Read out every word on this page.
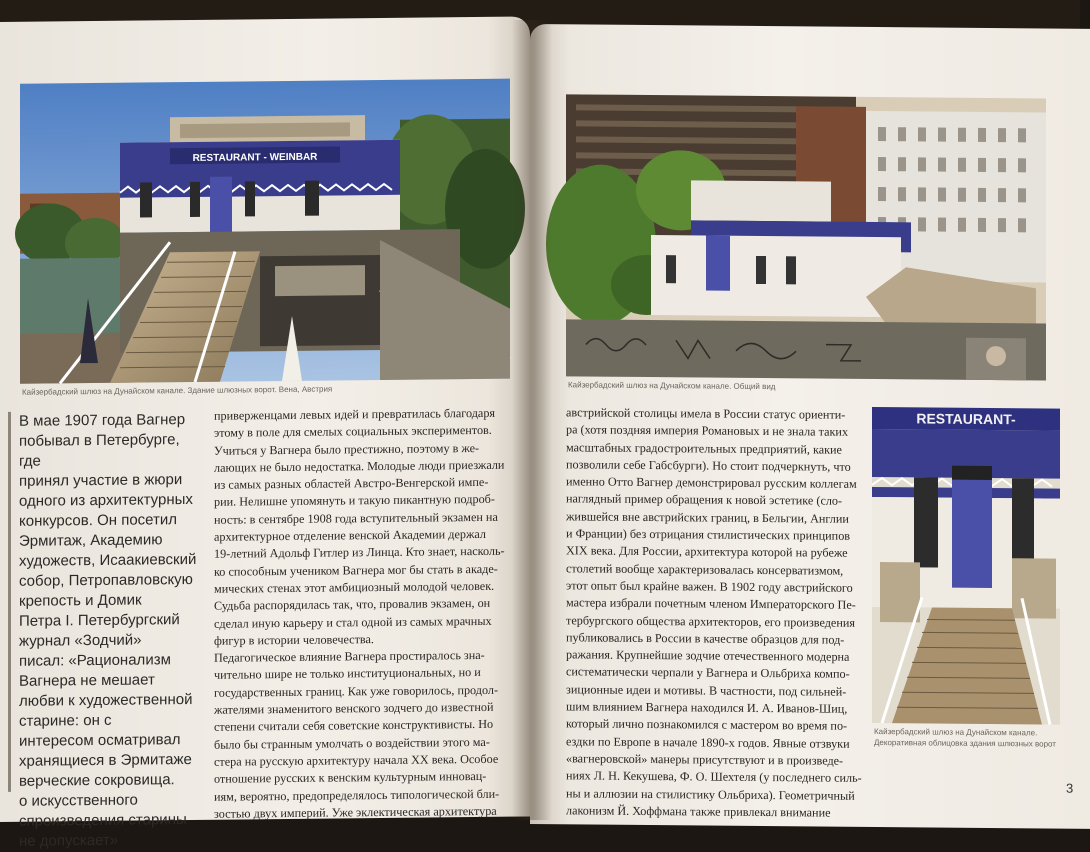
RESTAURANT - WEINBAR
Кайзербадский шлюз на Дунайском канале. Здание шлюзных ворот. Вена, Австрия

В мае 1907 года Вагнер
побывал в Петербурге, где
принял участие в жюри
одного из архитектурных
конкурсов. Он посетил
Эрмитаж, Академию
художеств, Исаакиевский
собор, Петропавловскую
крепость и Домик
Петра I. Петербургский
журнал «Зодчий»
писал: «Рационализм
Вагнера не мешает
любви к художественной
старине: он с
интересом осматривал
хранящиеся в Эрмитаже
верческие сокровища.
о искусственного
спроизведения старины
не допускает»

приверженцами левых идей и превратилась благодаря
этому в поле для смелых социальных экспериментов.
Учиться у Вагнера было престижно, поэтому в же-
лающих не было недостатка. Молодые люди приезжали
из самых разных областей Австро-Венгерской импе-
рии. Нелишне упомянуть и такую пикантную подроб-
ность: в сентябре 1908 года вступительный экзамен на
архитектурное отделение венской Академии держал
19-летний Адольф Гитлер из Линца. Кто знает, насколь-
ко способным учеником Вагнера мог бы стать в акаде-
мических стенах этот амбициозный молодой человек.
Судьба распорядилась так, что, провалив экзамен, он
сделал иную карьеру и стал одной из самых мрачных
фигур в истории человечества.
Педагогическое влияние Вагнера простиралось зна-
чительно шире не только институциональных, но и
государственных границ. Как уже говорилось, продол-
жателями знаменитого венского зодчего до известной
степени считали себя советские конструктивисты. Но
было бы странным умолчать о воздействии этого ма-
стера на русскую архитектуру начала XX века. Особое
отношение русских к венским культурным инновац-
иям, вероятно, предопределялось типологической бли-
зостью двух империй. Уже эклектическая архитектура

Кайзербадский шлюз на Дунайском канале. Общий вид

австрийской столицы имела в России статус ориенти-
ра (хотя поздняя империя Романовых и не знала таких
масштабных градостроительных предприятий, какие
позволили себе Габсбурги). Но стоит подчеркнуть, что
именно Отто Вагнер демонстрировал русским коллегам
наглядный пример обращения к новой эстетике (сло-
жившейся вне австрийских границ, в Бельгии, Англии
и Франции) без отрицания стилистических принципов
XIX века. Для России, архитектура которой на рубеже
столетий вообще характеризовалась консерватизмом,
этот опыт был крайне важен. В 1902 году австрийского
мастера избрали почетным членом Императорского Пе-
тербургского общества архитекторов, его произведения
публиковались в России в качестве образцов для под-
ражания. Крупнейшие зодчие отечественного модерна
систематически черпали у Вагнера и Ольбриха компо-
зиционные идеи и мотивы. В частности, под сильней-
шим влиянием Вагнера находился И. А. Иванов-Шиц,
который лично познакомился с мастером во время по-
ездки по Европе в начале 1890-х годов. Явные отзвуки
«вагнеровской» манеры присутствуют и в произведе-
ниях Л. Н. Кекушева, Ф. О. Шехтеля (у последнего силь-
ны и аллюзии на стилистику Ольбриха). Геометричный
лаконизм Й. Хоффмана также привлекал внимание

RESTAURANT-
Кайзербадский шлюз на Дунайском канале.
Декоративная облицовка здания шлюзных ворот
3
